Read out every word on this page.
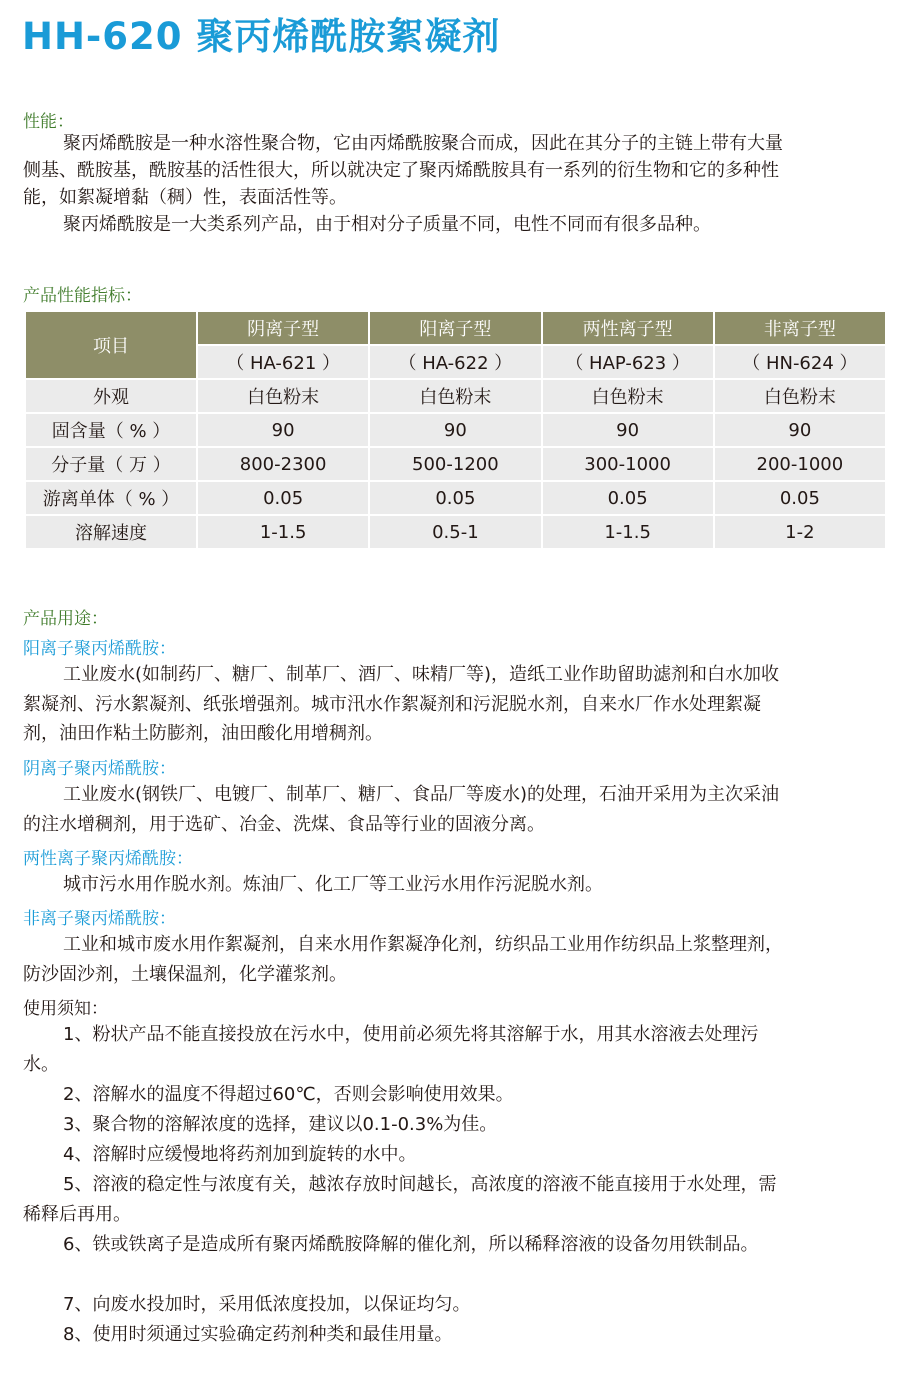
HH-620 聚丙烯酰胺絮凝剂
性能：

聚丙烯酰胺是一种水溶性聚合物，它由丙烯酰胺聚合而成，因此在其分子的主链上带有大量侧基、酰胺基，酰胺基的活性很大，所以就决定了聚丙烯酰胺具有一系列的衍生物和它的多种性能，如絮凝增黏（稠）性，表面活性等。

聚丙烯酰胺是一大类系列产品，由于相对分子质量不同，电性不同而有很多品种。

产品性能指标：
项目	阴离子型	阳离子型	两性离子型	非离子型
	（ HA-621 ）	（ HA-622 ）	（ HAP-623 ）	（ HN-624 ）
外观	白色粉末	白色粉末	白色粉末	白色粉末
固含量（ % ）	90	90	90	90
分子量（ 万 ）	800-2300	500-1200	300-1000	200-1000
游离单体（ % ）	0.05	0.05	0.05	0.05
溶解速度	1-1.5	0.5-1	1-1.5	1-2
产品用途：
阳离子聚丙烯酰胺：

工业废水(如制药厂、糖厂、制革厂、酒厂、味精厂等)，造纸工业作助留助滤剂和白水加收絮凝剂、污水絮凝剂、纸张增强剂。城市汛水作絮凝剂和污泥脱水剂，自来水厂作水处理絮凝剂，油田作粘土防膨剂，油田酸化用增稠剂。

阴离子聚丙烯酰胺：

工业废水(钢铁厂、电镀厂、制革厂、糖厂、食品厂等废水)的处理，石油开采用为主次采油的注水增稠剂，用于选矿、冶金、洗煤、食品等行业的固液分离。

两性离子聚丙烯酰胺：

城市污水用作脱水剂。炼油厂、化工厂等工业污水用作污泥脱水剂。

非离子聚丙烯酰胺：

工业和城市废水用作絮凝剂，自来水用作絮凝净化剂，纺织品工业用作纺织品上浆整理剂，防沙固沙剂，土壤保温剂，化学灌浆剂。

使用须知：

1、粉状产品不能直接投放在污水中，使用前必须先将其溶解于水，用其水溶液去处理污水。

2、溶解水的温度不得超过60℃，否则会影响使用效果。

3、聚合物的溶解浓度的选择，建议以0.1-0.3%为佳。

4、溶解时应缓慢地将药剂加到旋转的水中。

5、溶液的稳定性与浓度有关，越浓存放时间越长，高浓度的溶液不能直接用于水处理，需稀释后再用。

6、铁或铁离子是造成所有聚丙烯酰胺降解的催化剂，所以稀释溶液的设备勿用铁制品。

7、向废水投加时，采用低浓度投加，以保证均匀。

8、使用时须通过实验确定药剂种类和最佳用量。
